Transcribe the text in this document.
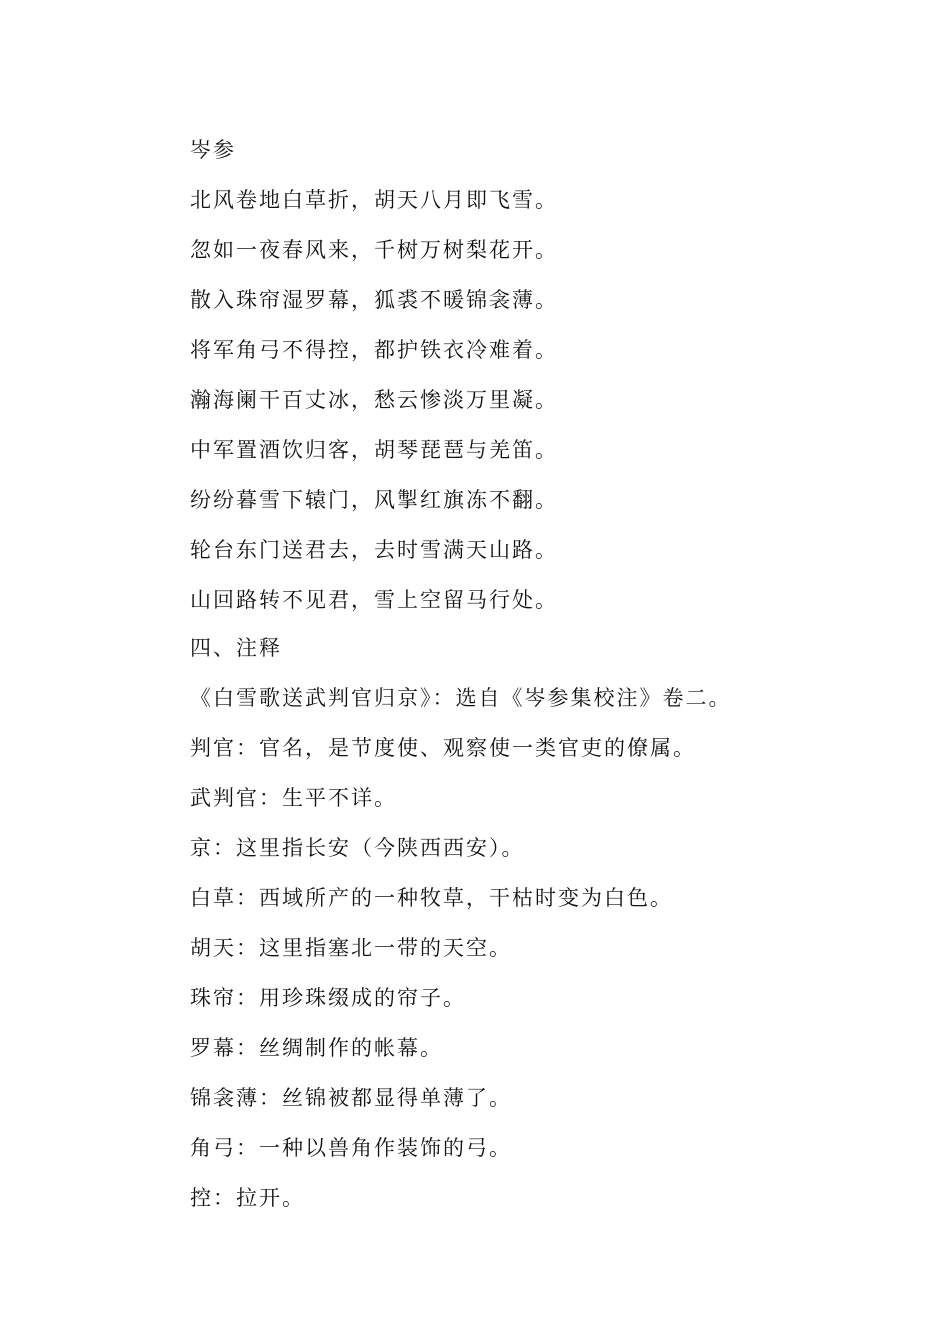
岑参
北风卷地白草折，胡天八月即飞雪。
忽如一夜春风来，千树万树梨花开。
散入珠帘湿罗幕，狐裘不暖锦衾薄。
将军角弓不得控，都护铁衣冷难着。
瀚海阑干百丈冰，愁云惨淡万里凝。
中军置酒饮归客，胡琴琵琶与羌笛。
纷纷暮雪下辕门，风掣红旗冻不翻。
轮台东门送君去，去时雪满天山路。
山回路转不见君，雪上空留马行处。
四、注释
《白雪歌送武判官归京》：选自《岑参集校注》卷二。
判官：官名，是节度使、观察使一类官吏的僚属。
武判官：生平不详。
京：这里指长安（今陕西西安）。
白草：西域所产的一种牧草，干枯时变为白色。
胡天：这里指塞北一带的天空。
珠帘：用珍珠缀成的帘子。
罗幕：丝绸制作的帐幕。
锦衾薄：丝锦被都显得单薄了。
角弓：一种以兽角作装饰的弓。
控：拉开。
